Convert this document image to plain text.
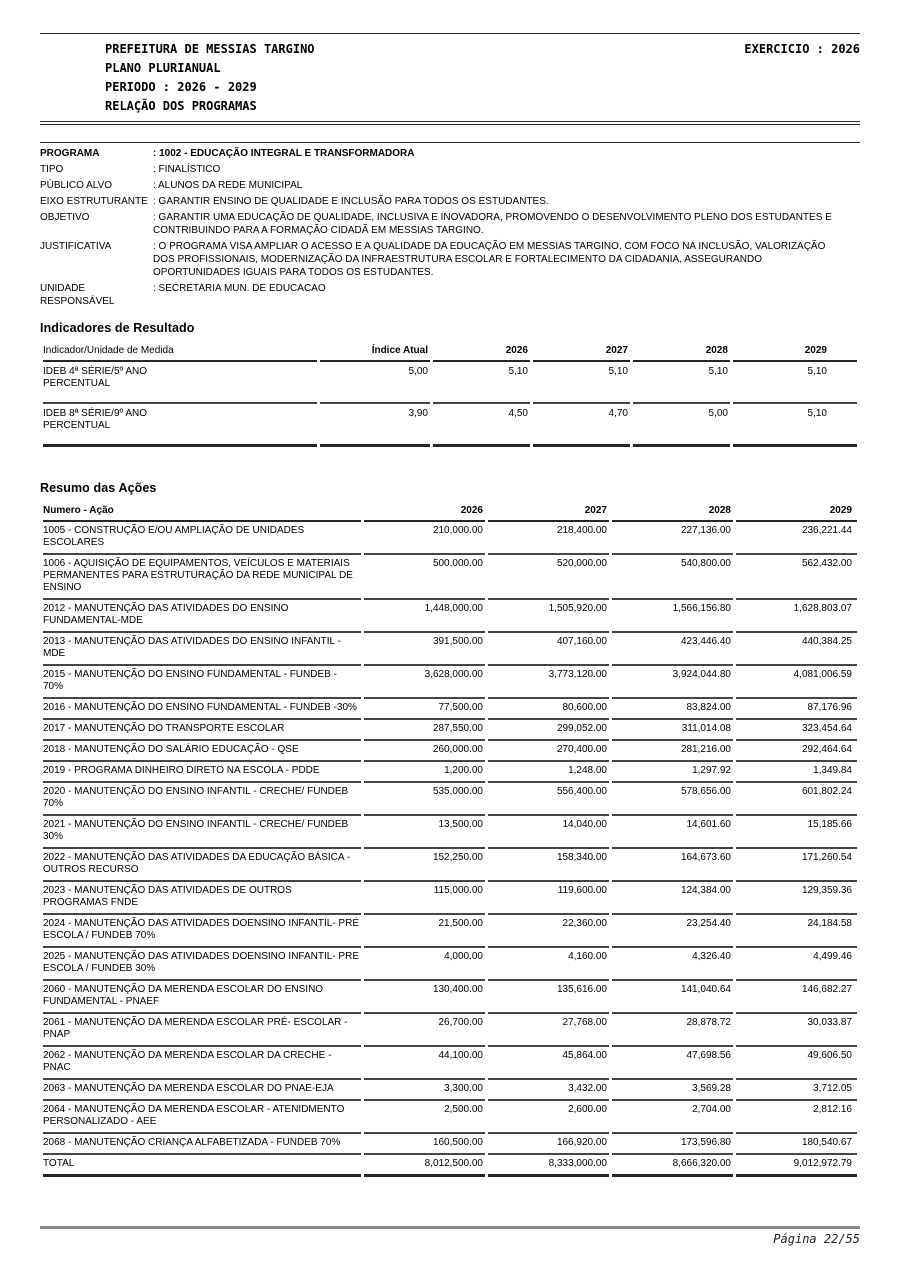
PREFEITURA DE MESSIAS TARGINO
PLANO PLURIANUAL
PERIODO : 2026 - 2029
RELAÇÃO DOS PROGRAMAS
EXERCICIO : 2026
PROGRAMA	: 1002 - EDUCAÇÃO INTEGRAL E TRANSFORMADORA
TIPO	: FINALÍSTICO
PÚBLICO ALVO	: ALUNOS DA REDE MUNICIPAL
EIXO ESTRUTURANTE : GARANTIR ENSINO DE QUALIDADE E INCLUSÃO PARA TODOS OS ESTUDANTES.
OBJETIVO	: GARANTIR UMA EDUCAÇÃO DE QUALIDADE, INCLUSIVA E INOVADORA, PROMOVENDO O DESENVOLVIMENTO PLENO DOS ESTUDANTES E CONTRIBUINDO PARA A FORMAÇÃO CIDADÃ EM MESSIAS TARGINO.
JUSTIFICATIVA	: O PROGRAMA VISA AMPLIAR O ACESSO E A QUALIDADE DA EDUCAÇÃO EM MESSIAS TARGINO, COM FOCO NA INCLUSÃO, VALORIZAÇÃO DOS PROFISSIONAIS, MODERNIZAÇÃO DA INFRAESTRUTURA ESCOLAR E FORTALECIMENTO DA CIDADANIA, ASSEGURANDO OPORTUNIDADES IGUAIS PARA TODOS OS ESTUDANTES.
UNIDADE RESPONSÁVEL
: SECRETARIA MUN. DE EDUCACAO
Indicadores de Resultado
Indicador/Unidade de Medida	Índice Atual	2026	2027	2028	2029

IDEB 4ª SÉRIE/5º ANO
PERCENTUAL	5,00	5,10	5,10	5,10	5,10

IDEB 8ª SÉRIE/9º ANO
PERCENTUAL	3,90	4,50	4,70	5,00	5,10
Resumo das Ações
Numero - Ação	2026	2027	2028	2029

1005 - CONSTRUÇÃO E/OU AMPLIAÇÃO DE UNIDADES ESCOLARES	210,000.00	218,400.00	227,136.00	236,221.44

1006 - AQUISIÇÃO DE EQUIPAMENTOS, VEÍCULOS E MATERIAIS PERMANENTES PARA ESTRUTURAÇÃO DA REDE MUNICIPAL DE ENSINO	500,000.00	520,000.00	540,800.00	562,432.00

2012 - MANUTENÇÃO DAS ATIVIDADES DO ENSINO FUNDAMENTAL-MDE	1,448,000.00	1,505,920.00	1,566,156.80	1,628,803.07

2013 - MANUTENÇÃO DAS ATIVIDADES DO ENSINO INFANTIL - MDE	391,500.00	407,160.00	423,446.40	440,384.25

2015 - MANUTENÇÃO DO ENSINO FUNDAMENTAL - FUNDEB - 70%	3,628,000.00	3,773,120.00	3,924,044.80	4,081,006.59

2016 - MANUTENÇÃO DO ENSINO FUNDAMENTAL - FUNDEB -30%	77,500.00	80,600.00	83,824.00	87,176.96

2017 - MANUTENÇÃO DO TRANSPORTE ESCOLAR	287,550.00	299,052.00	311,014.08	323,454.64

2018 - MANUTENÇÃO DO SALÁRIO EDUCAÇÃO - QSE	260,000.00	270,400.00	281,216.00	292,464.64

2019 - PROGRAMA DINHEIRO DIRETO NA ESCOLA - PDDE	1,200.00	1,248.00	1,297.92	1,349.84

2020 - MANUTENÇÃO DO ENSINO INFANTIL - CRECHE/ FUNDEB 70%	535,000.00	556,400.00	578,656.00	601,802.24

2021 - MANUTENÇÃO DO ENSINO INFANTIL - CRECHE/ FUNDEB 30%	13,500.00	14,040.00	14,601.60	15,185.66

2022 - MANUTENÇÃO DAS ATIVIDADES DA EDUCAÇÃO BÁSICA - OUTROS RECURSO	152,250.00	158,340.00	164,673.60	171,260.54

2023 - MANUTENÇÃO DAS ATIVIDADES DE OUTROS PROGRAMAS FNDE	115,000.00	119,600.00	124,384.00	129,359.36

2024 - MANUTENÇÃO DAS ATIVIDADES DOENSINO INFANTIL- PRÉ ESCOLA / FUNDEB 70%	21,500.00	22,360.00	23,254.40	24,184.58

2025 - MANUTENÇÃO DAS ATIVIDADES DOENSINO INFANTIL- PRE ESCOLA / FUNDEB 30%	4,000.00	4,160.00	4,326.40	4,499.46

2060 - MANUTENÇÃO DA MERENDA ESCOLAR DO ENSINO FUNDAMENTAL - PNAEF	130,400.00	135,616.00	141,040.64	146,682.27

2061 - MANUTENÇÃO DA MERENDA ESCOLAR PRÉ- ESCOLAR - PNAP	26,700.00	27,768.00	28,878.72	30,033.87

2062 - MANUTENÇÃO DA MERENDA ESCOLAR DA CRECHE - PNAC	44,100.00	45,864.00	47,698.56	49,606.50

2063 - MANUTENÇÃO DA MERENDA ESCOLAR DO PNAE-EJA	3,300.00	3,432.00	3,569.28	3,712.05

2064 - MANUTENÇÃO DA MERENDA ESCOLAR - ATENIDMENTO PERSONALIZADO - AEE	2,500.00	2,600.00	2,704.00	2,812.16

2068 - MANUTENÇÃO CRIANÇA ALFABETIZADA - FUNDEB 70%	160,500.00	166,920.00	173,596.80	180,540.67
TOTAL	8,012,500.00	8,333,000.00	8,666,320.00	9,012,972.79
Página 22/55
